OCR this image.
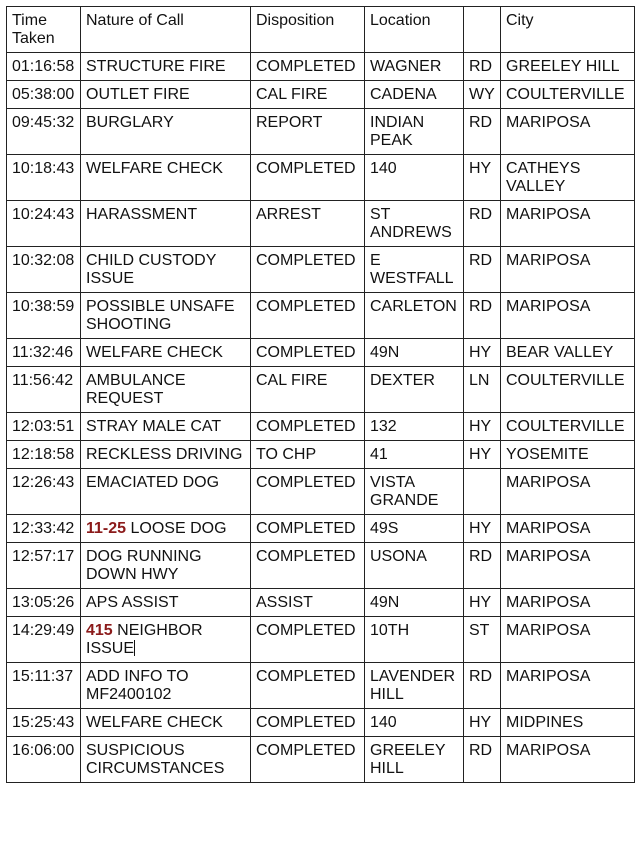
Time Taken	Nature of Call	Disposition	Location		City
01:16:58	STRUCTURE FIRE	COMPLETED	WAGNER	RD	GREELEY HILL
05:38:00	OUTLET FIRE	CAL FIRE	CADENA	WY	COULTERVILLE
09:45:32	BURGLARY	REPORT	INDIAN PEAK	RD	MARIPOSA
10:18:43	WELFARE CHECK	COMPLETED	140	HY	CATHEYS VALLEY
10:24:43	HARASSMENT	ARREST	ST ANDREWS	RD	MARIPOSA
10:32:08	CHILD CUSTODY ISSUE	COMPLETED	E WESTFALL	RD	MARIPOSA
10:38:59	POSSIBLE UNSAFE SHOOTING	COMPLETED	CARLETON	RD	MARIPOSA
11:32:46	WELFARE CHECK	COMPLETED	49N	HY	BEAR VALLEY
11:56:42	AMBULANCE REQUEST	CAL FIRE	DEXTER	LN	COULTERVILLE
12:03:51	STRAY MALE CAT	COMPLETED	132	HY	COULTERVILLE
12:18:58	RECKLESS DRIVING	TO CHP	41	HY	YOSEMITE
12:26:43	EMACIATED DOG	COMPLETED	VISTA GRANDE		MARIPOSA
12:33:42	11-25 LOOSE DOG	COMPLETED	49S	HY	MARIPOSA
12:57:17	DOG RUNNING DOWN HWY	COMPLETED	USONA	RD	MARIPOSA
13:05:26	APS ASSIST	ASSIST	49N	HY	MARIPOSA
14:29:49	415 NEIGHBOR ISSUE	COMPLETED	10TH	ST	MARIPOSA
15:11:37	ADD INFO TO MF2400102	COMPLETED	LAVENDER HILL	RD	MARIPOSA
15:25:43	WELFARE CHECK	COMPLETED	140	HY	MIDPINES
16:06:00	SUSPICIOUS CIRCUMSTANCES	COMPLETED	GREELEY HILL	RD	MARIPOSA
